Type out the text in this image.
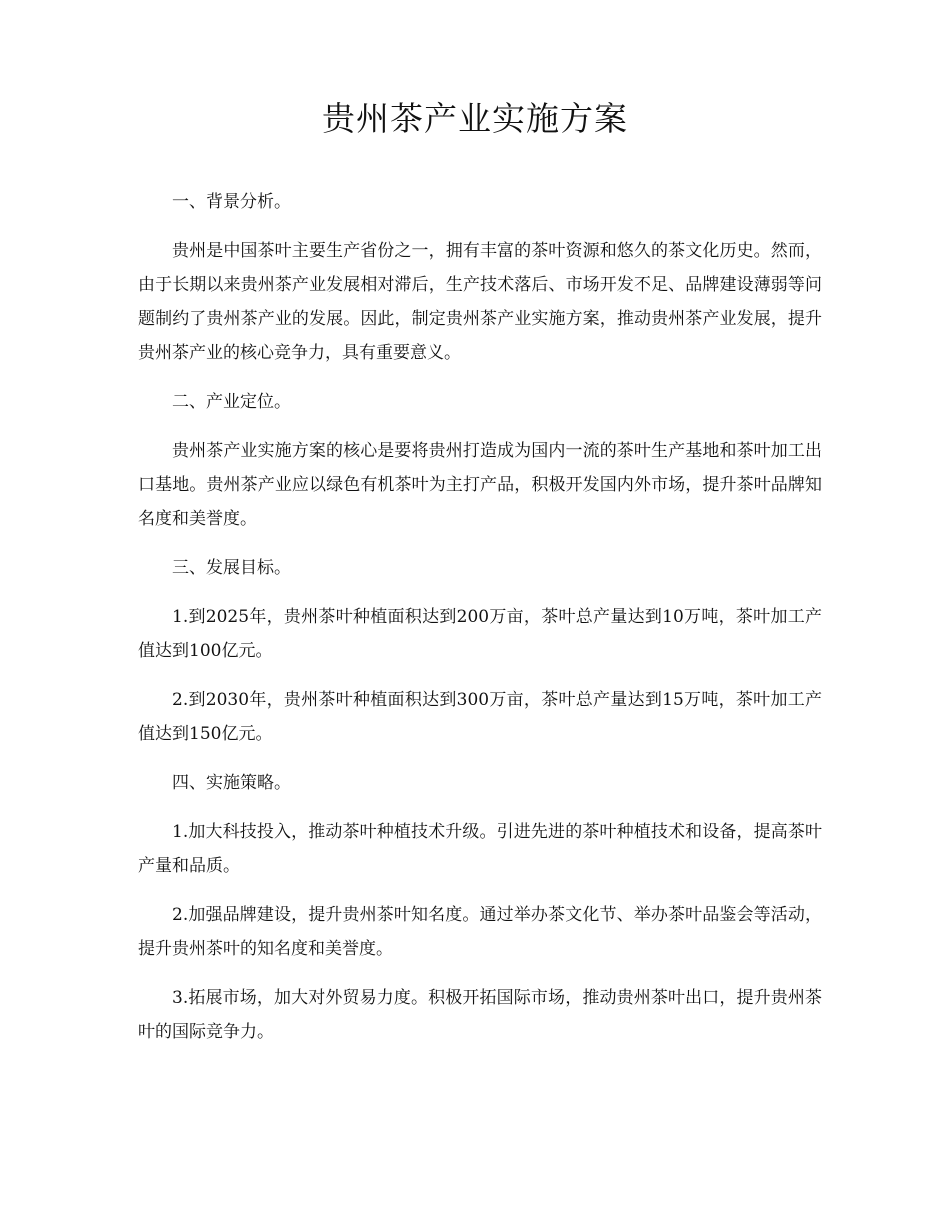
贵州茶产业实施方案

一、背景分析。

贵州是中国茶叶主要生产省份之一，拥有丰富的茶叶资源和悠久的茶文化历史。然而，由于长期以来贵州茶产业发展相对滞后，生产技术落后、市场开发不足、品牌建设薄弱等问题制约了贵州茶产业的发展。因此，制定贵州茶产业实施方案，推动贵州茶产业发展，提升贵州茶产业的核心竞争力，具有重要意义。

二、产业定位。

贵州茶产业实施方案的核心是要将贵州打造成为国内一流的茶叶生产基地和茶叶加工出口基地。贵州茶产业应以绿色有机茶叶为主打产品，积极开发国内外市场，提升茶叶品牌知名度和美誉度。

三、发展目标。

1.到2025年，贵州茶叶种植面积达到200万亩，茶叶总产量达到10万吨，茶叶加工产值达到100亿元。

2.到2030年，贵州茶叶种植面积达到300万亩，茶叶总产量达到15万吨，茶叶加工产值达到150亿元。

四、实施策略。

1.加大科技投入，推动茶叶种植技术升级。引进先进的茶叶种植技术和设备，提高茶叶产量和品质。

2.加强品牌建设，提升贵州茶叶知名度。通过举办茶文化节、举办茶叶品鉴会等活动，提升贵州茶叶的知名度和美誉度。

3.拓展市场，加大对外贸易力度。积极开拓国际市场，推动贵州茶叶出口，提升贵州茶叶的国际竞争力。
